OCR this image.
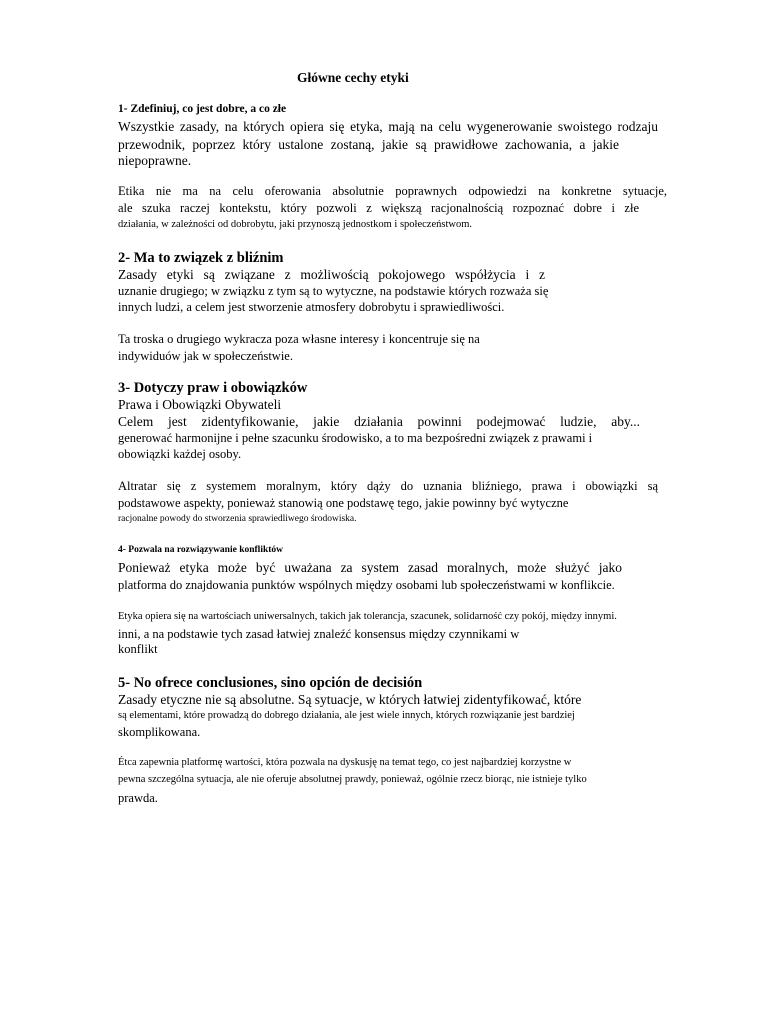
Główne cechy etyki
1- Zdefiniuj, co jest dobre, a co złe
Wszystkie zasady, na których opiera się etyka, mają na celu wygenerowanie swoistego rodzaju
przewodnik, poprzez który ustalone zostaną, jakie są prawidłowe zachowania, a jakie
niepoprawne.
Etika nie ma na celu oferowania absolutnie poprawnych odpowiedzi na konkretne sytuacje,
ale szuka raczej kontekstu, który pozwoli z większą racjonalnością rozpoznać dobre i złe
działania, w zależności od dobrobytu, jaki przynoszą jednostkom i społeczeństwom.
2- Ma to związek z bliźnim
Zasady etyki są związane z możliwością pokojowego współżycia i z
uznanie drugiego; w związku z tym są to wytyczne, na podstawie których rozważa się
innych ludzi, a celem jest stworzenie atmosfery dobrobytu i sprawiedliwości.
Ta troska o drugiego wykracza poza własne interesy i koncentruje się na
indywiduów jak w społeczeństwie.
3- Dotyczy praw i obowiązków
Prawa i Obowiązki Obywateli
Celem jest zidentyfikowanie, jakie działania powinni podejmować ludzie, aby...
generować harmonijne i pełne szacunku środowisko, a to ma bezpośredni związek z prawami i
obowiązki każdej osoby.
Altratar się z systemem moralnym, który dąży do uznania bliźniego, prawa i obowiązki są
podstawowe aspekty, ponieważ stanowią one podstawę tego, jakie powinny być wytyczne
racjonalne powody do stworzenia sprawiedliwego środowiska.
4- Pozwala na rozwiązywanie konfliktów
Ponieważ etyka może być uważana za system zasad moralnych, może służyć jako
platforma do znajdowania punktów wspólnych między osobami lub społeczeństwami w konflikcie.
Etyka opiera się na wartościach uniwersalnych, takich jak tolerancja, szacunek, solidarność czy pokój, między innymi.
inni, a na podstawie tych zasad łatwiej znaleźć konsensus między czynnikami w
konflikt
5- No ofrece conclusiones, sino opción de decisión
Zasady etyczne nie są absolutne. Są sytuacje, w których łatwiej zidentyfikować, które
są elementami, które prowadzą do dobrego działania, ale jest wiele innych, których rozwiązanie jest bardziej
skomplikowana.
Étca zapewnia platformę wartości, która pozwala na dyskusję na temat tego, co jest najbardziej korzystne w
pewna szczególna sytuacja, ale nie oferuje absolutnej prawdy, ponieważ, ogólnie rzecz biorąc, nie istnieje tylko
prawda.
